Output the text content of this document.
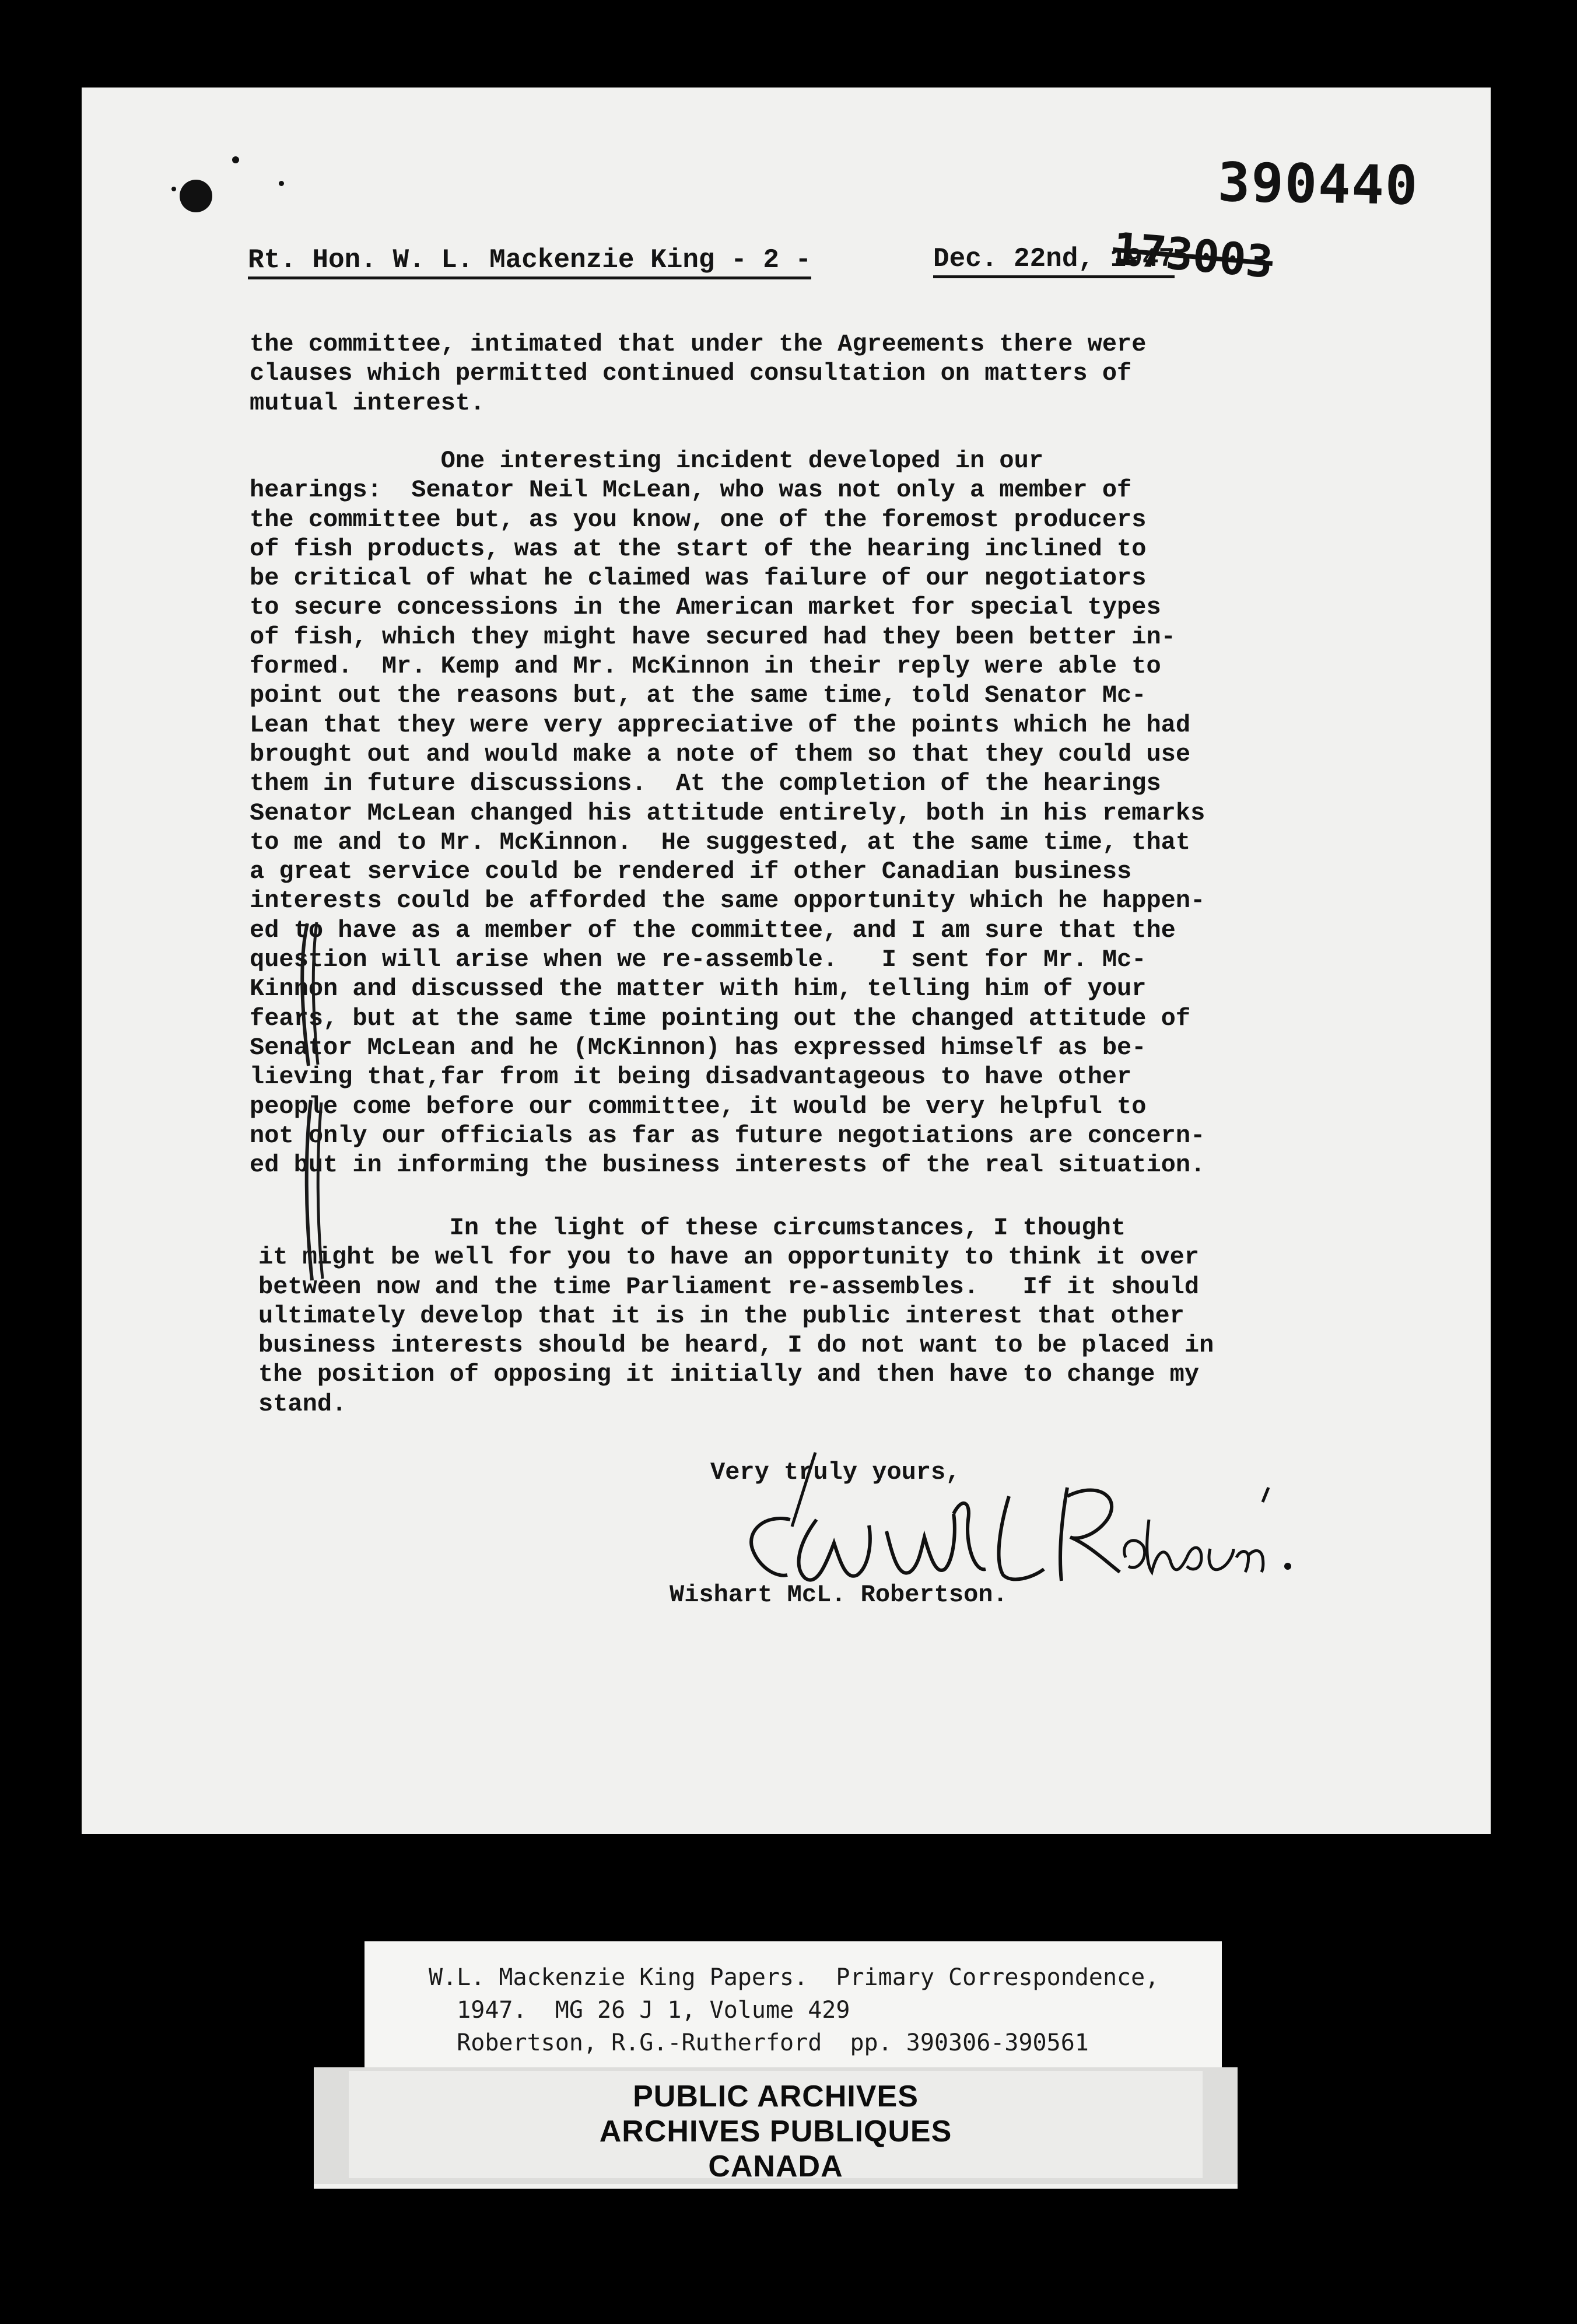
390440

173003

Rt. Hon. W. L. Mackenzie King - 2 -	Dec. 22nd, 1947

the committee, intimated that under the Agreements there were
clauses which permitted continued consultation on matters of
mutual interest.

One interesting incident developed in our
hearings:  Senator Neil McLean, who was not only a member of
the committee but, as you know, one of the foremost producers
of fish products, was at the start of the hearing inclined to
be critical of what he claimed was failure of our negotiators
to secure concessions in the American market for special types
of fish, which they might have secured had they been better in-
formed.  Mr. Kemp and Mr. McKinnon in their reply were able to
point out the reasons but, at the same time, told Senator Mc-
Lean that they were very appreciative of the points which he had
brought out and would make a note of them so that they could use
them in future discussions.  At the completion of the hearings
Senator McLean changed his attitude entirely, both in his remarks
to me and to Mr. McKinnon.  He suggested, at the same time, that
a great service could be rendered if other Canadian business
interests could be afforded the same opportunity which he happen-
ed to have as a member of the committee, and I am sure that the
question will arise when we re-assemble.   I sent for Mr. Mc-
Kinnon and discussed the matter with him, telling him of your
fears, but at the same time pointing out the changed attitude of
Senator McLean and he (McKinnon) has expressed himself as be-
lieving that,far from it being disadvantageous to have other
people come before our committee, it would be very helpful to
not only our officials as far as future negotiations are concern-
ed but in informing the business interests of the real situation.

In the light of these circumstances, I thought
it might be well for you to have an opportunity to think it over
between now and the time Parliament re-assembles.   If it should
ultimately develop that it is in the public interest that other
business interests should be heard, I do not want to be placed in
the position of opposing it initially and then have to change my
stand.

Very truly yours,

Wishart McL. Robertson.

W.L. Mackenzie King Papers.  Primary Correspondence,
1947.  MG 26 J 1, Volume 429
Robertson, R.G.-Rutherford  pp. 390306-390561

PUBLIC ARCHIVES

ARCHIVES PUBLIQUES

CANADA
